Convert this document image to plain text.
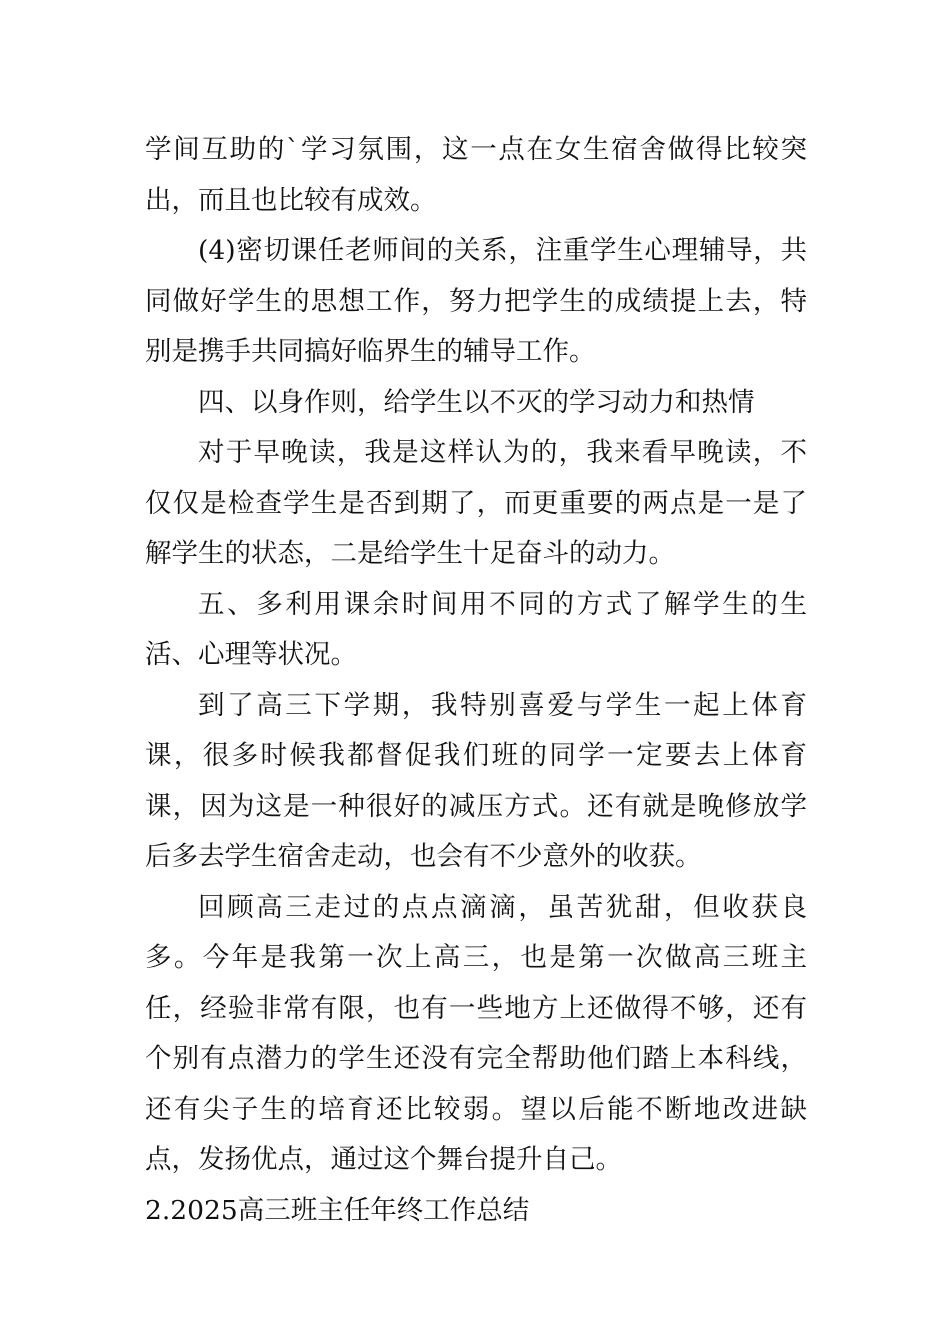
学间互助的`学习氛围，这一点在女生宿舍做得比较突出，而且也比较有成效。

(4)密切课任老师间的关系，注重学生心理辅导，共同做好学生的思想工作，努力把学生的成绩提上去，特别是携手共同搞好临界生的辅导工作。

四、以身作则，给学生以不灭的学习动力和热情

对于早晚读，我是这样认为的，我来看早晚读，不仅仅是检查学生是否到期了，而更重要的两点是一是了解学生的状态，二是给学生十足奋斗的动力。

五、多利用课余时间用不同的方式了解学生的生活、心理等状况。

到了高三下学期，我特别喜爱与学生一起上体育课，很多时候我都督促我们班的同学一定要去上体育课，因为这是一种很好的减压方式。还有就是晚修放学后多去学生宿舍走动，也会有不少意外的收获。

回顾高三走过的点点滴滴，虽苦犹甜，但收获良多。今年是我第一次上高三，也是第一次做高三班主任，经验非常有限，也有一些地方上还做得不够，还有个别有点潜力的学生还没有完全帮助他们踏上本科线，还有尖子生的培育还比较弱。望以后能不断地改进缺点，发扬优点，通过这个舞台提升自己。

2.2025高三班主任年终工作总结
